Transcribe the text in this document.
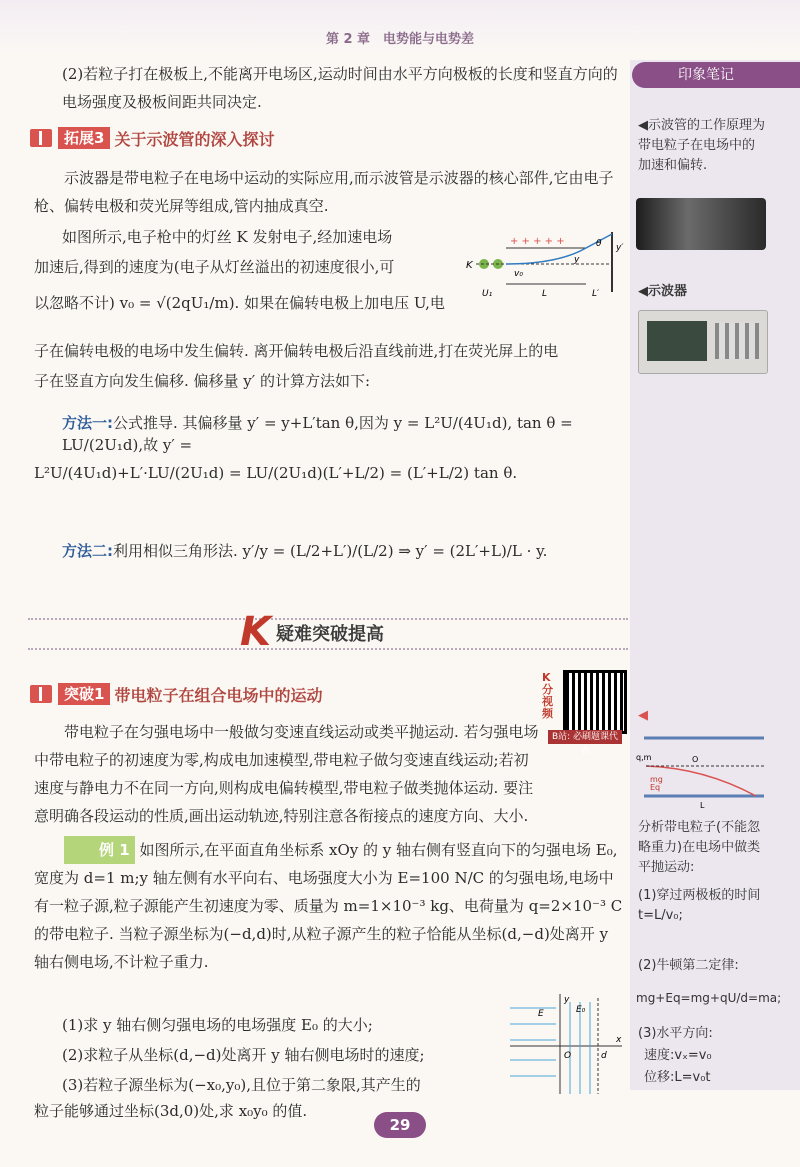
第 2 章　电势能与电势差
印象笔记
◀示波管的工作原理为带电粒子在电场中的加速和偏转.
◀示波器
◀
q,m
mg
Eq
L
O
分析带电粒子(不能忽略重力)在电场中做类平抛运动:
(1)穿过两极板的时间 t=L/v₀;
(2)牛顿第二定律:
mg+Eq=mg+qU/d=ma;
(3)水平方向:
速度:vₓ=v₀
位移:L=v₀t
(2)若粒子打在极板上,不能离开电场区,运动时间由水平方向极板的长度和竖直方向的电场强度及极板间距共同决定.
拓展3 关于示波管的深入探讨
示波器是带电粒子在电场中运动的实际应用,而示波管是示波器的核心部件,它由电子枪、偏转电极和荧光屏等组成,管内抽成真空.
如图所示,电子枪中的灯丝 K 发射电子,经加速电场
加速后,得到的速度为(电子从灯丝溢出的初速度很小,可
以忽略不计) v₀ = √(2qU₁/m). 如果在偏转电极上加电压 U,电
子在偏转电极的电场中发生偏转. 离开偏转电极后沿直线前进,打在荧光屏上的电
子在竖直方向发生偏移. 偏移量 y′ 的计算方法如下:
+ + + + +
K
v₀
U₁	L	L′
y′
y
θ
方法一:公式推导. 其偏移量 y′ = y+L′tan θ,因为 y = L²U/(4U₁d), tan θ = LU/(2U₁d),故 y′ =
L²U/(4U₁d)+L′·LU/(2U₁d) = LU/(2U₁d)(L′+L/2) = (L′+L/2) tan θ.
方法二:利用相似三角形法. y′/y = (L/2+L′)/(L/2) ⇒ y′ = (2L′+L)/L · y.
K 疑难突破提高
突破1 带电粒子在组合电场中的运动
K分视频
B站: 必刷题课代表
带电粒子在匀强电场中一般做匀变速直线运动或类平抛运动. 若匀强电场中带电粒子的初速度为零,构成电加速模型,带电粒子做匀变速直线运动;若初速度与静电力不在同一方向,则构成电偏转模型,带电粒子做类抛体运动. 要注意明确各段运动的性质,画出运动轨迹,特别注意各衔接点的速度方向、大小.
例 1 如图所示,在平面直角坐标系 xOy 的 y 轴右侧有竖直向下的匀强电场 E₀,宽度为 d=1 m;y 轴左侧有水平向右、电场强度大小为 E=100 N/C 的匀强电场,电场中有一粒子源,粒子源能产生初速度为零、质量为 m=1×10⁻³ kg、电荷量为 q=2×10⁻³ C 的带电粒子. 当粒子源坐标为(−d,d)时,从粒子源产生的粒子恰能从坐标(d,−d)处离开 y 轴右侧电场,不计粒子重力.
(1)求 y 轴右侧匀强电场的电场强度 E₀ 的大小;
(2)求粒子从坐标(d,−d)处离开 y 轴右侧电场时的速度;
(3)若粒子源坐标为(−x₀,y₀),且位于第二象限,其产生的
粒子能够通过坐标(3d,0)处,求 x₀y₀ 的值.
y
x
E	E₀
O	d
29
